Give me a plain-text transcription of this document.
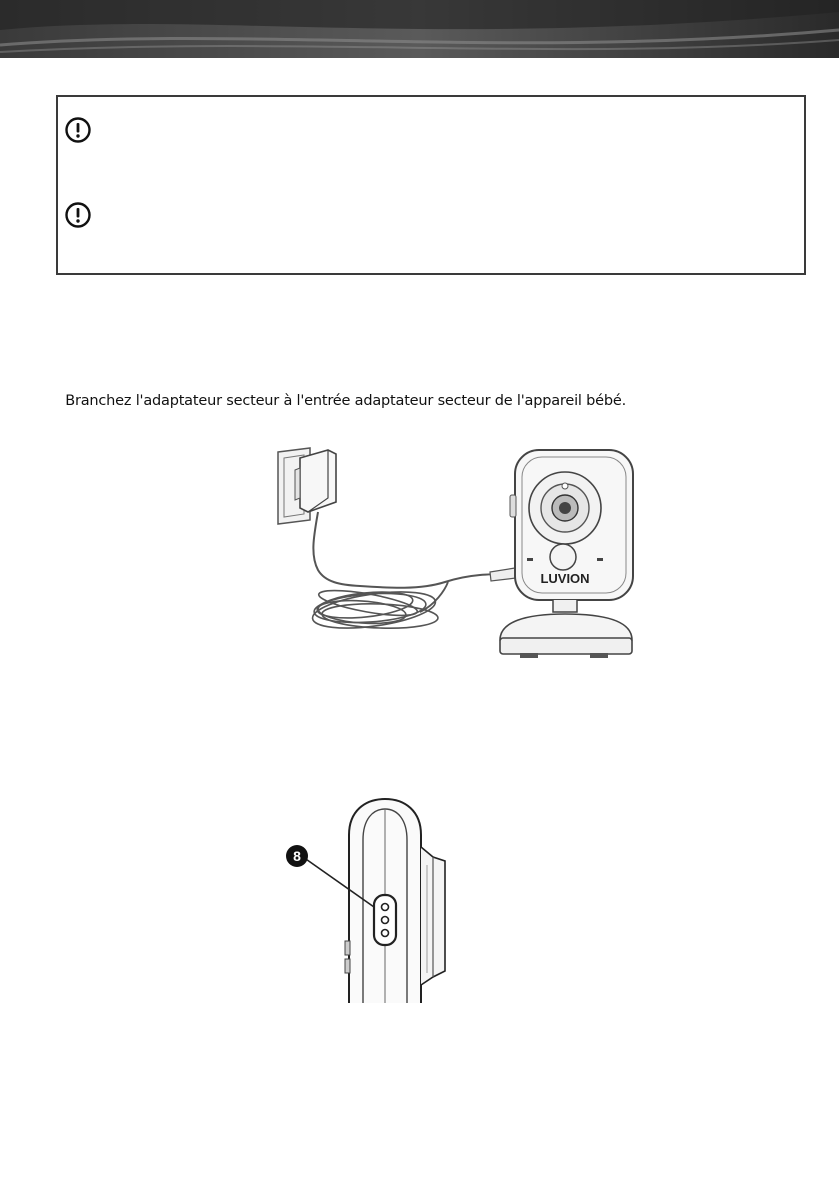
Branchez l'adaptateur secteur à l'entrée adaptateur secteur de l'appareil bébé.
LUVION
8
